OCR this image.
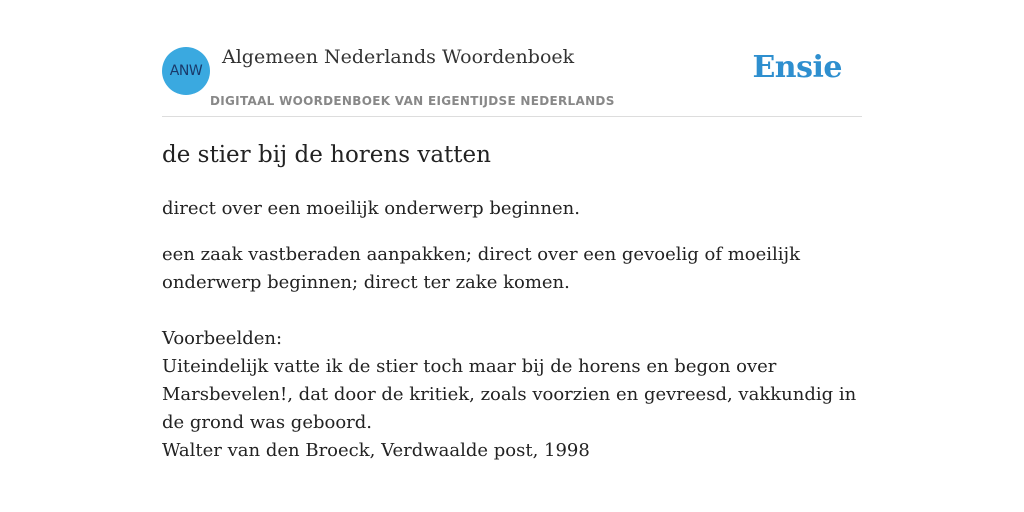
ANW
Algemeen Nederlands Woordenboek
DIGITAAL WOORDENBOEK VAN EIGENTIJDSE NEDERLANDS
Ensie
de stier bij de horens vatten

direct over een moeilijk onderwerp beginnen.

een zaak vastberaden aanpakken; direct over een gevoelig of moeilijk onderwerp beginnen; direct ter zake komen.

Voorbeelden:
Uiteindelijk vatte ik de stier toch maar bij de horens en begon over Marsbevelen!, dat door de kritiek, zoals voorzien en gevreesd, vakkundig in de grond was geboord.
Walter van den Broeck, Verdwaalde post, 1998
